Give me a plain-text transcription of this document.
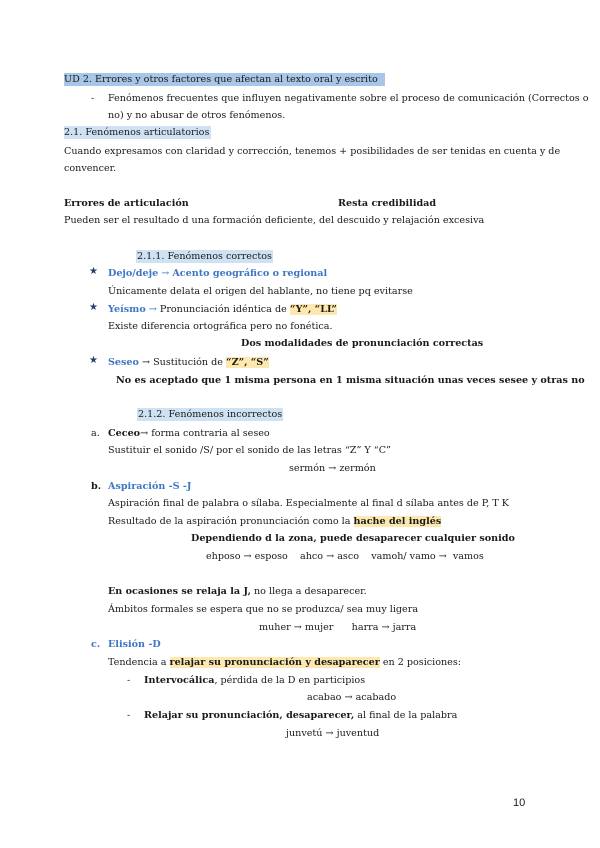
UD 2. Errores y otros factores que afectan al texto oral y escrito
- Fenómenos frecuentes que influyen negativamente sobre el proceso de comunicación (Correctos o
no) y no abusar de otros fenómenos.
2.1. Fenómenos articulatorios
Cuando expresamos con claridad y corrección, tenemos + posibilidades de ser tenidas en cuenta y de
convencer.
Errores de articulación	Resta credibilidad
Pueden ser el resultado d una formación deficiente, del descuido y relajación excesiva
2.1.1. Fenómenos correctos
★ Dejo/deje → Acento geográfico o regional
Únicamente delata el origen del hablante, no tiene pq evitarse
★ Yeísmo → Pronunciación idéntica de “Y”, “LL”
Existe diferencia ortográfica pero no fonética.
Dos modalidades de pronunciación correctas
★ Seseo → Sustitución de “Z”, “S”
No es aceptado que 1 misma persona en 1 misma situación unas veces sesee y otras no
2.1.2. Fenómenos incorrectos
a. Ceceo→ forma contraria al seseo
Sustituir el sonido /S/ por el sonido de las letras “Z” Y “C”
sermón → zermón
b. Aspiración -S -J
Aspiración final de palabra o sílaba. Especialmente al final d sílaba antes de P, T K
Resultado de la aspiración pronunciación como la hache del inglés
Dependiendo d la zona, puede desaparecer cualquier sonido
ehposo → esposo    ahco → asco    vamoh/ vamo →  vamos
En ocasiones se relaja la J, no llega a desaparecer.
Ámbitos formales se espera que no se produzca/ sea muy ligera
muher → mujer      harra → jarra
c. Elisión -D
Tendencia a relajar su pronunciación y desaparecer en 2 posiciones:
- Intervocálica, pérdida de la D en participios
acabao → acabado
- Relajar su pronunciación, desaparecer, al final de la palabra
junvetú → juventud
10
